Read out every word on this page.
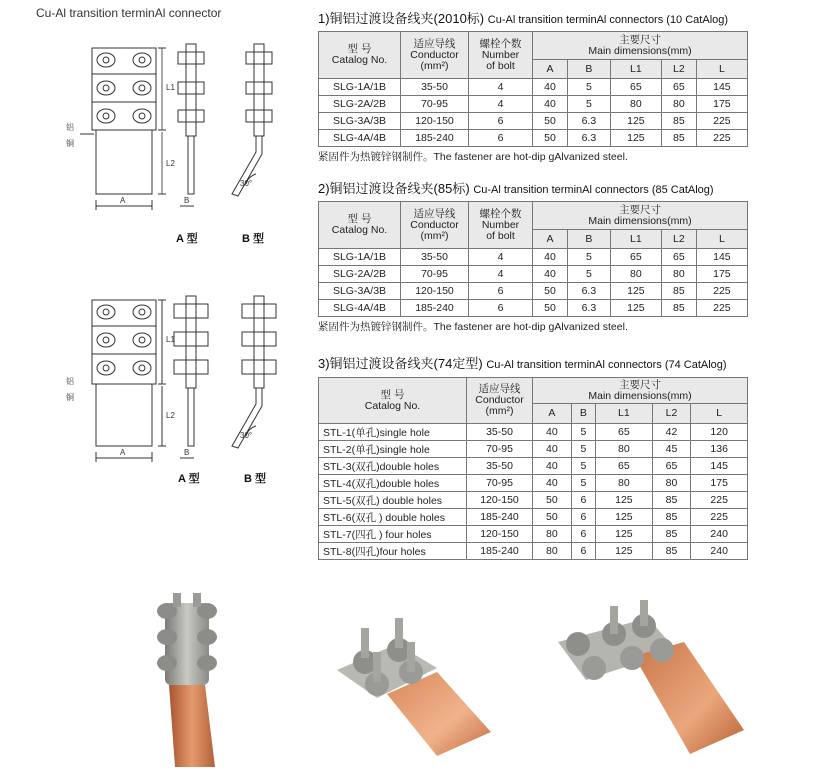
Cu-Al transition terminAl connector
L1
L2
A	B
30°
铝
铜
A 型	B 型
L1
L2
A	B
30°
铝
铜
A 型	B 型
1)铜铝过渡设备线夹(2010标) Cu-Al transition terminAl connectors (10 CatAlog)
型 号
Catalog No.	适应导线
Conductor
(mm²)	螺栓个数
Number
of bolt	主要尺寸
Main dimensions(mm)				
			A	B	L1	L2	L
SLG-1A/1B	35-50	4	40	5	65	65	145
SLG-2A/2B	70-95	4	40	5	80	80	175
SLG-3A/3B	120-150	6	50	6.3	125	85	225
SLG-4A/4B	185-240	6	50	6.3	125	85	225
紧固件为热镀锌钢制件。The fastener are hot-dip gAlvanized steel.
2)铜铝过渡设备线夹(85标) Cu-Al transition terminAl connectors (85 CatAlog)
型 号
Catalog No.	适应导线
Conductor
(mm²)	螺栓个数
Number
of bolt	主要尺寸
Main dimensions(mm)				
			A	B	L1	L2	L
SLG-1A/1B	35-50	4	40	5	65	65	145
SLG-2A/2B	70-95	4	40	5	80	80	175
SLG-3A/3B	120-150	6	50	6.3	125	85	225
SLG-4A/4B	185-240	6	50	6.3	125	85	225
紧固件为热镀锌钢制件。The fastener are hot-dip gAlvanized steel.
3)铜铝过渡设备线夹(74定型) Cu-Al transition terminAl connectors (74 CatAlog)
型 号
Catalog No.	适应导线
Conductor
(mm²)	主要尺寸
Main dimensions(mm)				
		A	B	L1	L2	L
STL-1(单孔)single hole	35-50	40	5	65	42	120
STL-2(单孔)single hole	70-95	40	5	80	45	136
STL-3(双孔)double holes	35-50	40	5	65	65	145
STL-4(双孔)double holes	70-95	40	5	80	80	175
STL-5(双孔) double holes	120-150	50	6	125	85	225
STL-6(双孔 ) double holes	185-240	50	6	125	85	225
STL-7(四孔 ) four holes	120-150	80	6	125	85	240
STL-8(四孔)four holes	185-240	80	6	125	85	240
